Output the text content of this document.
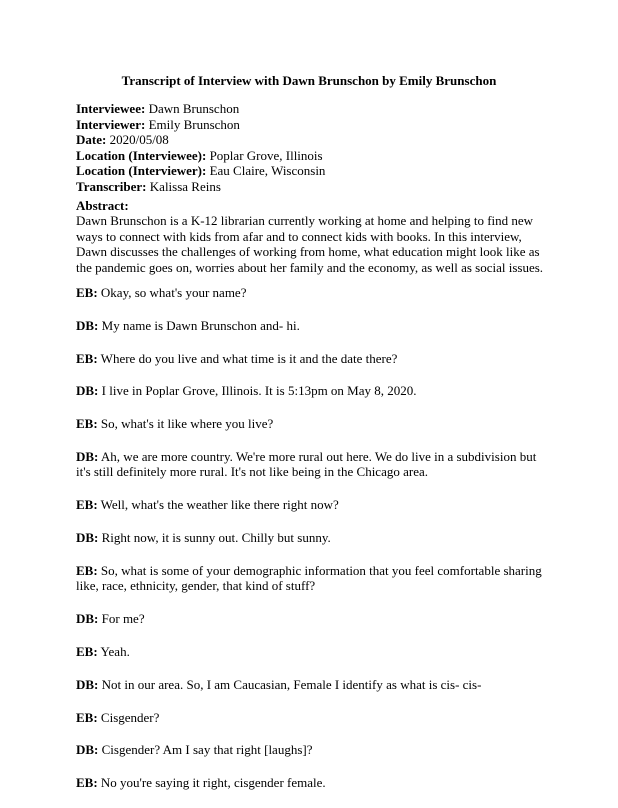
Transcript of Interview with Dawn Brunschon by Emily Brunschon
Interviewee: Dawn Brunschon
Interviewer: Emily Brunschon
Date: 2020/05/08
Location (Interviewee): Poplar Grove, Illinois
Location (Interviewer): Eau Claire, Wisconsin
Transcriber: Kalissa Reins
Abstract:
Dawn Brunschon is a K-12 librarian currently working at home and helping to find new ways to connect with kids from afar and to connect kids with books. In this interview, Dawn discusses the challenges of working from home, what education might look like as the pandemic goes on, worries about her family and the economy, as well as social issues.
EB: Okay, so what's your name?
DB: My name is Dawn Brunschon and- hi.
EB: Where do you live and what time is it and the date there?
DB: I live in Poplar Grove, Illinois. It is 5:13pm on May 8, 2020.
EB: So, what's it like where you live?
DB: Ah, we are more country. We're more rural out here. We do live in a subdivision but it's still definitely more rural. It's not like being in the Chicago area.
EB: Well, what's the weather like there right now?
DB: Right now, it is sunny out. Chilly but sunny.
EB: So, what is some of your demographic information that you feel comfortable sharing like, race, ethnicity, gender, that kind of stuff?
DB: For me?
EB: Yeah.
DB: Not in our area. So, I am Caucasian, Female I identify as what is cis- cis-
EB: Cisgender?
DB: Cisgender? Am I say that right [laughs]?
EB: No you're saying it right, cisgender female.
